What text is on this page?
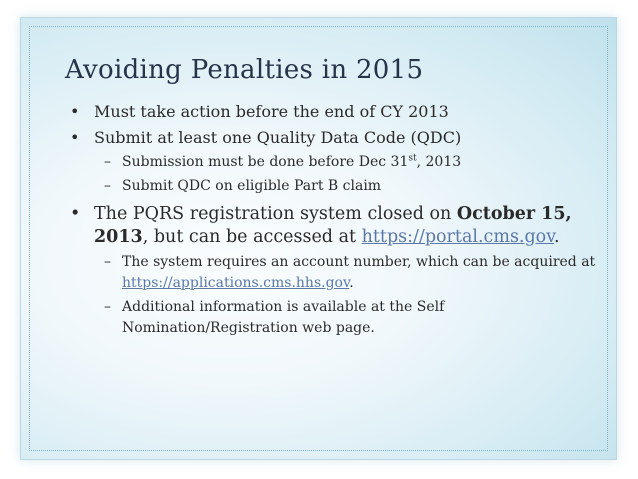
Avoiding Penalties in 2015
• Must take action before the end of CY 2013
• Submit at least one Quality Data Code (QDC)
– Submission must be done before Dec 31st, 2013
– Submit QDC on eligible Part B claim
• The PQRS registration system closed on October 15,
2013, but can be accessed at https://portal.cms.gov.
– The system requires an account number, which can be acquired at https://applications.cms.hhs.gov.
– Additional information is available at the Self Nomination/Registration web page.
